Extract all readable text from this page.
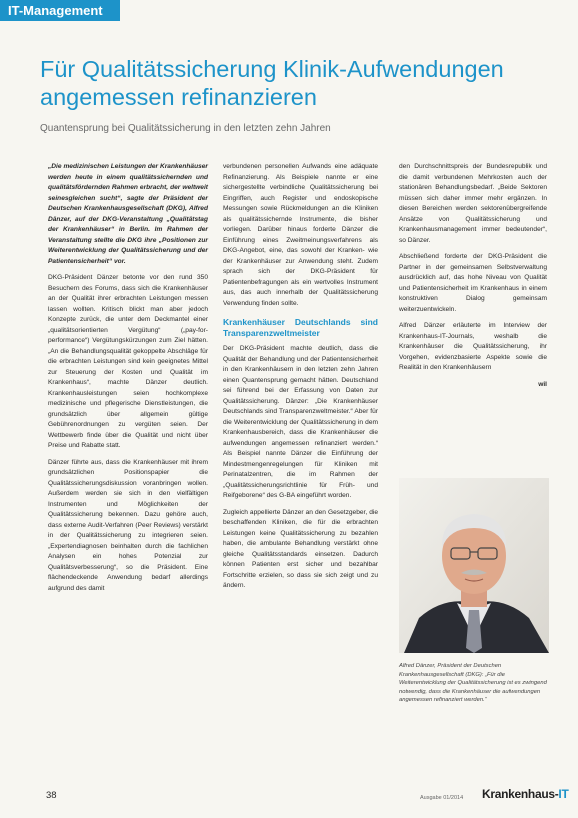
IT-Management
Für Qualitätssicherung Klinik-Aufwendungen angemessen refinanzieren

Quantensprung bei Qualitätssicherung in den letzten zehn Jahren

„Die medizinischen Leistungen der Krankenhäuser werden heute in einem qualitätssichernden und qualitätsfördernden Rahmen erbracht, der weltweit seinesgleichen sucht“, sagte der Präsident der Deutschen Krankenhausgesellschaft (DKG), Alfred Dänzer, auf der DKG-Veranstaltung „Qualitätstag der Krankenhäuser“ in Berlin. Im Rahmen der Veranstaltung stellte die DKG ihre „Positionen zur Weiterentwicklung der Qualitätssicherung und der Patientensicherheit“ vor.

DKG-Präsident Dänzer betonte vor den rund 350 Besuchern des Forums, dass sich die Krankenhäuser an der Qualität ihrer erbrachten Leistungen messen lassen wollten. Kritisch blickt man aber jedoch Konzepte zurück, die unter dem Deckmantel einer „qualitätsorientierten Vergütung“ („pay-for-performance“) Vergütungskürzungen zum Ziel hätten. „An die Behandlungsqualität gekoppelte Abschläge für die erbrachten Leistungen sind kein geeignetes Mittel zur Steuerung der Kosten und Qualität im Krankenhaus“, machte Dänzer deutlich. Krankenhausleistungen seien hochkomplexe medizinische und pflegerische Dienstleistungen, die grundsätzlich über allgemein gültige Gebührenordnungen zu vergüten seien. Der Wettbewerb finde über die Qualität und nicht über Preise und Rabatte statt.

Dänzer führte aus, dass die Krankenhäuser mit ihrem grundsätzlichen Positionspapier die Qualitätssicherungsdiskussion voranbringen wollen. Außerdem werden sie sich in den vielfältigen Instrumenten und Möglichkeiten der Qualitätssicherung bekennen. Dazu gehöre auch, dass externe Audit-Verfahren (Peer Reviews) verstärkt in der Qualitätssicherung zu integrieren seien. „Expertendiagnosen beinhalten durch die fachlichen Analysen ein hohes Potenzial zur Qualitätsverbesserung“, so die Präsident. Eine flächendeckende Anwendung bedarf allerdings aufgrund des damit

verbundenen personellen Aufwands eine adäquate Refinanzierung. Als Beispiele nannte er eine sichergestellte verbindliche Qualitätssicherung bei Eingriffen, auch Register und endoskopische Messungen sowie Rückmeldungen an die Kliniken als qualitätssichernde Instrumente, die bisher vorliegen. Darüber hinaus forderte Dänzer die Einführung eines Zweitmeinungsverfahrens als DKG-Angebot, eine, das sowohl der Kranken- wie der Krankenhäuser zur Anwendung steht. Zudem sprach sich der DKG-Präsident für Patientenbefragungen als ein wertvolles Instrument aus, das auch innerhalb der Qualitätssicherung Verwendung finden sollte.

Krankenhäuser Deutschlands sind Transparenzweltmeister

Der DKG-Präsident machte deutlich, dass die Qualität der Behandlung und der Patientensicherheit in den Krankenhäusern in den letzten zehn Jahren einen Quantensprung gemacht hätten. Deutschland sei führend bei der Erfassung von Daten zur Qualitätssicherung. Dänzer: „Die Krankenhäuser Deutschlands sind Transparenzweltmeister.“ Aber für die Weiterentwicklung der Qualitätssicherung in dem Krankenhausbereich, dass die Krankenhäuser die aufwendungen angemessen refinanziert werden.“ Als Beispiel nannte Dänzer die Einführung der Mindestmengenregelungen für Kliniken mit Perinatalzentren, die im Rahmen der „Qualitätssicherungsrichtlinie für Früh- und Reifgeborene“ des G-BA eingeführt worden.

Zugleich appellierte Dänzer an den Gesetzgeber, die beschaffenden Kliniken, die für die erbrachten Leistungen keine Qualitätssicherung zu bezahlen haben, die ambulante Behandlung verstärkt ohne gleiche Qualitätsstandards einsetzen. Dadurch können Patienten erst sicher und bezahlbar Fortschritte erzielen, so dass sie sich zeigt und zu ändern.

den Durchschnittspreis der Bundesrepublik und die damit verbundenen Mehrkosten auch der stationären Behandlungsbedarf. „Beide Sektoren müssen sich daher immer mehr ergänzen. In diesen Bereichen werden sektorenübergreifende Ansätze von Qualitätssicherung und Krankenhausmanagement immer bedeutender“, so Dänzer.

Abschließend forderte der DKG-Präsident die Partner in der gemeinsamen Selbstverwaltung ausdrücklich auf, das hohe Niveau von Qualität und Patientensicherheit im Krankenhaus in einem konstruktiven Dialog gemeinsam weiterzuentwickeln.

Alfred Dänzer erläuterte im Interview der Krankenhaus-IT-Journals, weshalb die Krankenhäuser die Qualitätssicherung, ihr Vorgehen, evidenzbasierte Aspekte sowie die Realität in den Krankenhäusern

wil
Alfred Dänzer, Präsident der Deutschen Krankenhausgesellschaft (DKG): „Für die Weiterentwicklung der Qualitätssicherung ist es zwingend notwendig, dass die Krankenhäuser die aufwendungen angemessen refinanziert werden.“
38	Ausgabe 01/2014 Krankenhaus-IT
